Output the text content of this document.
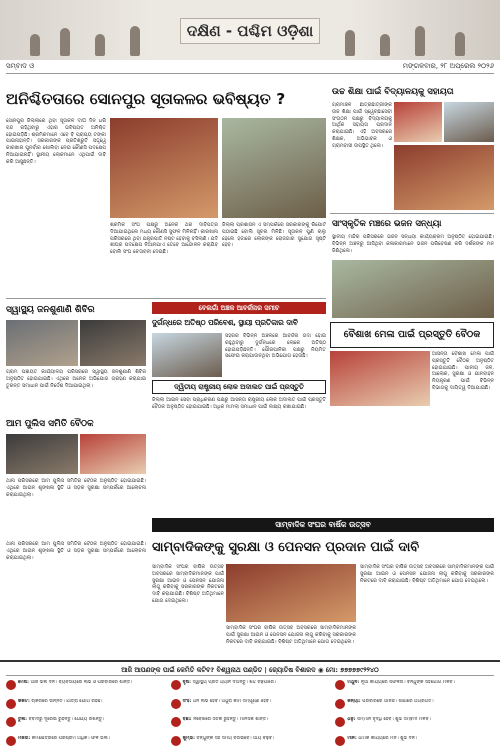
ଦକ୍ଷିଣ - ପଶ୍ଚିମ ଓଡ଼ିଶା
ସମ୍ବାଦ ଓ	ମଙ୍ଗଳବାର, ୨୮ ଅପ୍ରେଲ ୨୦୨୬
ଅନିଶ୍ଚିତତାରେ ସୋନପୁର ସୂତାକଳର ଭବିଷ୍ୟତ ?
ସୋନପୁର ଜିଲ୍ଲାରେ ଥିବା ସୂତାକଳ ଦୀର୍ଘ ଦିନ ଧରି ବନ୍ଦ ରହିଥିବାରୁ ଏହାର ଭବିଷ୍ୟତ ଅନିଶ୍ଚିତ ହୋଇପଡ଼ିଛି। ଶ୍ରମିକମାନେ ଏବେ ବି ପ୍ରାପ୍ୟ ଟଙ୍କା ପାଇନାହାନ୍ତି। ସରକାରଙ୍କ ପ୍ରତିଶ୍ରୁତି ସତ୍ତ୍ୱେ କାରଖାନା ପୁନର୍ବାର ଖୋଲିବା ନେଇ କୌଣସି ପଦକ୍ଷେପ ନିଆଯାଇନାହିଁ। ସ୍ଥାନୀୟ ଲୋକମାନେ ଏଥିପାଇଁ ଦାବି କରି ଆସୁଛନ୍ତି।
ଶ୍ରମିକ ସଂଘ ପକ୍ଷରୁ ଅନେକ ଥର ଦାବିପତ୍ର ଦିଆଯାଇଥିଲେ ମଧ୍ୟ କୌଣସି ସୁଫଳ ମିଳିନାହିଁ। କାରଖାନା ପରିସରରେ ଥିବା ଯନ୍ତ୍ରପାତି ନଷ୍ଟ ହେବାକୁ ବସିଲାଣି। ଯଦି ଶୀଘ୍ର ପଦକ୍ଷେପ ନିଆନଯାଏ ତେବେ ଆନ୍ଦୋଳନ କରାଯିବ ବୋଲି ସଂଘ ଚେତାବନୀ ଦେଇଛି।
ଜିଲ୍ଲା ପ୍ରଶାସନ ଏ ସମ୍ପର୍କରେ ସରକାରଙ୍କୁ ରିପୋର୍ଟ ପଠାଇଛି ବୋଲି ସୂଚନା ମିଳିଛି। ସୂତାକଳ ପୁଣି ଚାଲୁ ହେଲେ ହଜାରେ ଲୋକଙ୍କ ରୋଜଗାର ସୁଯୋଗ ସୃଷ୍ଟି ହେବ।
ଉଚ୍ଚ ଶିକ୍ଷା ପାଇଁ ବିଦ୍ୟାଳୟକୁ ସହାୟତା
ଗ୍ରାମାଞ୍ଚଳ ଛାତ୍ରଛାତ୍ରୀଙ୍କ ଉଚ୍ଚ ଶିକ୍ଷା ପାଇଁ ସ୍ୱେଚ୍ଛାସେବୀ ସଂଗଠନ ପକ୍ଷରୁ ବିଦ୍ୟାଳୟକୁ ଆର୍ଥିକ ସହାୟତା ପ୍ରଦାନ କରାଯାଇଛି। ଏହି ଅବସରରେ ଶିକ୍ଷକ, ଅଭିଭାବକ ଓ ଗ୍ରାମବାସୀ ଉପସ୍ଥିତ ଥିଲେ।
ସାଂସ୍କୃତିକ ମଞ୍ଚରେ ଭଜନ ସନ୍ଧ୍ୟା
ସ୍ଥାନୀୟ ମନ୍ଦିର ପରିସରରେ ଭଜନ ସନ୍ଧ୍ୟା କାର୍ଯ୍ୟକ୍ରମ ଅନୁଷ୍ଠିତ ହୋଇଯାଇଛି। ବିଭିନ୍ନ ଅଞ୍ଚଳରୁ ଆସିଥିବା କଳାକାରମାନେ ଭଜନ ପରିବେଷଣ କରି ଦର୍ଶକଙ୍କ ମନ ଜିଣିଥିଲେ।
ସ୍ୱାସ୍ଥ୍ୟ ଜନଶୁଣାଣି ଶିବିର
ଗ୍ରାମ ପଞ୍ଚାୟତ କାର୍ଯ୍ୟାଳୟ ପରିସରରେ ସ୍ୱାସ୍ଥ୍ୟ ଜନଶୁଣାଣି ଶିବିର ଅନୁଷ୍ଠିତ ହୋଇଯାଇଛି। ଏଥିରେ ଅନେକ ଅଭିଯୋଗ ଗ୍ରହଣ କରାଯାଇ ତୁରନ୍ତ ସମାଧାନ ପାଇଁ ନିର୍ଦ୍ଦେଶ ଦିଆଯାଇଥିଲା।
ଆମ ପୁଲିସ ସମିତି ବୈଠକ
ଥାନା ପରିସରରେ ଆମ ପୁଲିସ ସମିତିର ବୈଠକ ଅନୁଷ୍ଠିତ ହୋଇଯାଇଛି। ଏଥିରେ ଆଇନ ଶୃଙ୍ଖଳା ସ୍ଥିତି ଓ ସଡ଼କ ସୁରକ୍ଷା ସମ୍ପର୍କରେ ଆଲୋଚନା କରାଯାଇଥିଲା।
ବେଲଗାଁ ଅଞ୍ଚଳ ଆବର୍ଜନାର ସମୀଚ
ଦୁର୍ଗନ୍ଧରେ ଅତିଷ୍ଠ ପରିବେଶ, ସ୍ଥାୟୀ ପ୍ରତିକାର ଦାବି
ସହରର ବିଭିନ୍ନ ଅଞ୍ଚଳରେ ଆବର୍ଜନା ଗଦା ହୋଇ ରହୁଥିବାରୁ ଦୁର୍ଗନ୍ଧରେ ଲୋକେ ଅତିଷ୍ଠ ହୋଇପଡ଼ିଛନ୍ତି। ପୌରପାଳିକା ପକ୍ଷରୁ ନିୟମିତ ସଫେଇ କରାଯାଉନଥିବା ଅଭିଯୋଗ ହେଉଛି।
ଦ୍ୱିତୀୟ ରାଷ୍ଟ୍ରୀୟ ଲୋକ ଅଦାଲତ ପାଇଁ ପ୍ରସ୍ତୁତି
ଜିଲ୍ଲା ଆଇନ ସେବା ପ୍ରାଧିକରଣ ପକ୍ଷରୁ ଆସନ୍ତା ରାଷ୍ଟ୍ରୀୟ ଲୋକ ଅଦାଲତ ପାଇଁ ପ୍ରସ୍ତୁତି ବୈଠକ ଅନୁଷ୍ଠିତ ହୋଇଯାଇଛି। ଅଧିକ ମାମଲା ସମାଧାନ ପାଇଁ ଲକ୍ଷ୍ୟ ରଖାଯାଇଛି।
ବୈଶାଖ ମେଳା ପାଇଁ ପ୍ରସ୍ତୁତି ବୈଠକ
ଆସନ୍ତା ବୈଶାଖ ମେଳା ପାଇଁ ପ୍ରସ୍ତୁତି ବୈଠକ ଅନୁଷ୍ଠିତ ହୋଇଯାଇଛି। ପାନୀୟ ଜଳ, ଆଲୋକ, ସୁରକ୍ଷା ଓ ଯାନବାହନ ନିୟନ୍ତ୍ରଣ ପାଇଁ ବିଭିନ୍ନ ବିଭାଗକୁ ଦାୟିତ୍ୱ ଦିଆଯାଇଛି।
ସାମ୍ବାଦିକ ସଂଘର ବାର୍ଷିକ ଉତ୍ସବ
ସାମ୍ବାଦିକଙ୍କୁ ସୁରକ୍ଷା ଓ ପେନସନ ପ୍ରଦାନ ପାଇଁ ଦାବି
ସାମ୍ବାଦିକ ସଂଘର ବାର୍ଷିକ ଉତ୍ସବ ଅବସରରେ ସାମ୍ବାଦିକମାନଙ୍କ ପାଇଁ ସୁରକ୍ଷା ଆଇନ ଓ ପେନସନ ଯୋଜନା ଲାଗୁ କରିବାକୁ ସରକାରଙ୍କ ନିକଟରେ ଦାବି କରାଯାଇଛି। ବିଶିଷ୍ଟ ଅତିଥିମାନେ ଯୋଗ ଦେଇଥିଲେ।
ସାମ୍ବାଦିକ ସଂଘର ବାର୍ଷିକ ଉତ୍ସବ ଅବସରରେ ସାମ୍ବାଦିକମାନଙ୍କ ପାଇଁ ସୁରକ୍ଷା ଆଇନ ଓ ପେନସନ ଯୋଜନା ଲାଗୁ କରିବାକୁ ସରକାରଙ୍କ ନିକଟରେ ଦାବି କରାଯାଇଛି। ବିଶିଷ୍ଟ ଅତିଥିମାନେ ଯୋଗ ଦେଇଥିଲେ।
ସାମ୍ବାଦିକ ସଂଘର ବାର୍ଷିକ ଉତ୍ସବ ଅବସରରେ ସାମ୍ବାଦିକମାନଙ୍କ ପାଇଁ ସୁରକ୍ଷା ଆଇନ ଓ ପେନସନ ଯୋଜନା ଲାଗୁ କରିବାକୁ ସରକାରଙ୍କ ନିକଟରେ ଦାବି କରାଯାଇଛି। ବିଶିଷ୍ଟ ଅତିଥିମାନେ ଯୋଗ ଦେଇଥିଲେ।
ଥାନା ପରିସରରେ ଆମ ପୁଲିସ ସମିତିର ବୈଠକ ଅନୁଷ୍ଠିତ ହୋଇଯାଇଛି। ଏଥିରେ ଆଇନ ଶୃଙ୍ଖଳା ସ୍ଥିତି ଓ ସଡ଼କ ସୁରକ୍ଷା ସମ୍ପର୍କରେ ଆଲୋଚନା କରାଯାଇଥିଲା।
ଆଜି ଆପଣଙ୍କ ପାଇଁ କେମିତି କଟିବ? ବିଶ୍ୱନାଥ ପଣ୍ଡିତ | ଜ୍ୟୋତିଷ ବିଶାରଦ ◉ ମୋ: ୭୭୭୭୭୯୨୨୪୦
ମେଷ: ଆଜି ଭଲ ଦିନ। ବ୍ୟବସାୟରେ ଲାଭ ଓ ପରିବାରରେ ଶାନ୍ତି।	ବୃଷ: ସ୍ୱାସ୍ଥ୍ୟ ପ୍ରତି ଧ୍ୟାନ ଦିଅନ୍ତୁ। ଖର୍ଚ୍ଚ ବଢ଼ିପାରେ।	ମିଥୁନ: ନୂଆ କାର୍ଯ୍ୟରେ ସଫଳତା। ବନ୍ଧୁଙ୍କ ସହଯୋଗ ମିଳିବ।
କର୍କଟ: ଚାକିରିରେ ଉନ୍ନତି। ଯାତ୍ରା ଯୋଗ ରହିଛି।	ସିଂହ: ଧନ ଲାଭ ହେବ। ଅଧୁରା କାମ ସମ୍ପୂର୍ଣ୍ଣ ହେବ।	କନ୍ୟା: ପରିବାରରେ ଆନନ୍ଦ। ଶିକ୍ଷାରେ ଅଗ୍ରଗତି।
ତୁଳା: ବିବାଦରୁ ଦୂରେଇ ରୁହନ୍ତୁ। ଧୈର୍ଯ୍ୟ ରଖନ୍ତୁ।	ବିଛା: ନିବେଶରେ ସତର୍କ ରୁହନ୍ତୁ। ମାନସିକ ଶାନ୍ତି।	ଧନୁ: ସମ୍ମାନ ବୃଦ୍ଧି ହେବ। ଶୁଭ ସମ୍ବାଦ ମିଳିବ।
ମକର: କର୍ମକ୍ଷେତ୍ରରେ ପରିଶ୍ରମ ଅଧିକ। ଫଳ ଭଲ।	କୁମ୍ଭ: ବନ୍ଧୁଙ୍କ ସହ ସମୟ ବିତାଇବେ। ଆୟ ବଢ଼ିବ।	ମୀନ: ଧାର୍ମିକ କାର୍ଯ୍ୟରେ ମନ। ଶୁଭ ଦିନ।
